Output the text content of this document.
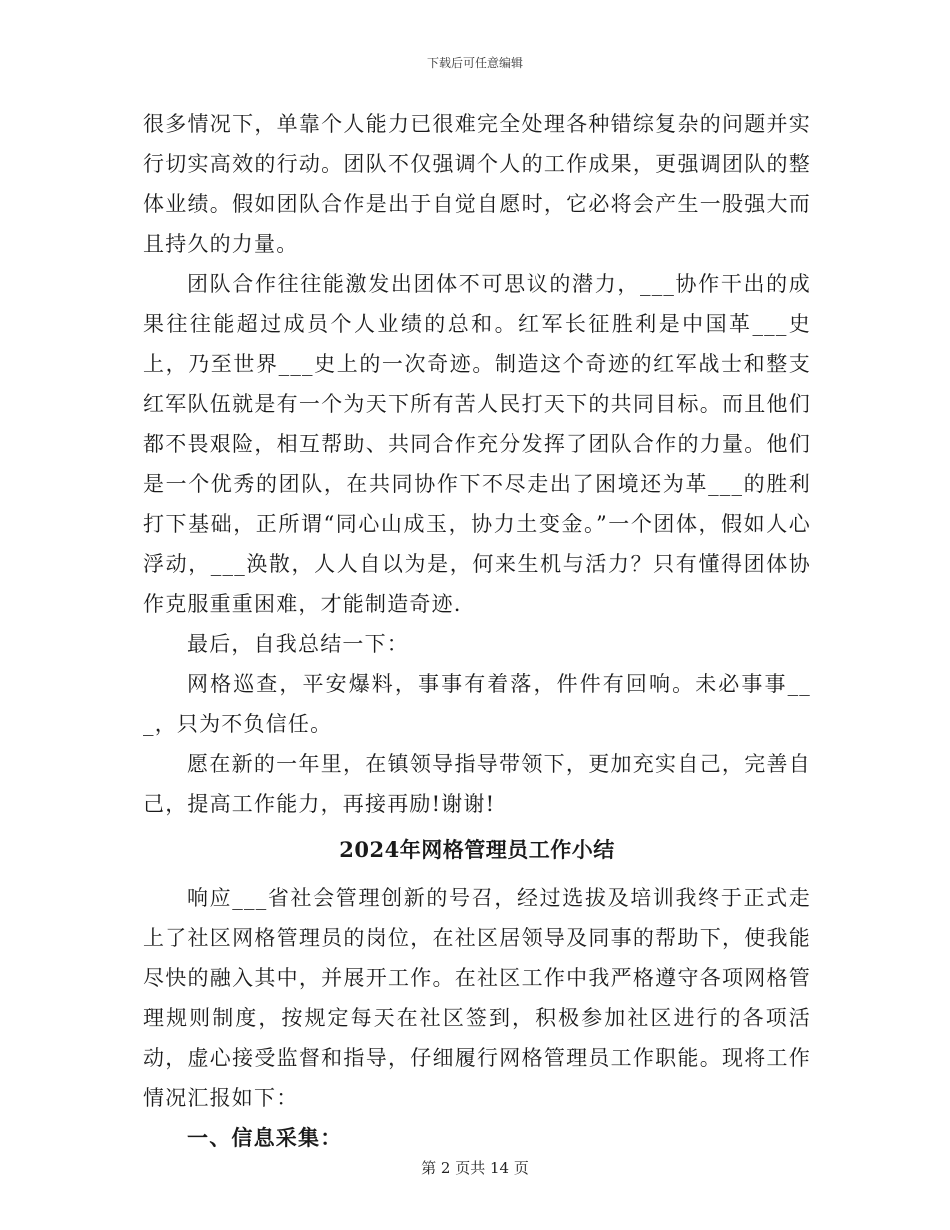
下载后可任意编辑

很多情况下，单靠个人能力已很难完全处理各种错综复杂的问题并实行切实高效的行动。团队不仅强调个人的工作成果，更强调团队的整体业绩。假如团队合作是出于自觉自愿时，它必将会产生一股强大而且持久的力量。

团队合作往往能激发出团体不可思议的潜力，___协作干出的成果往往能超过成员个人业绩的总和。红军长征胜利是中国革___史上，乃至世界___史上的一次奇迹。制造这个奇迹的红军战士和整支红军队伍就是有一个为天下所有苦人民打天下的共同目标。而且他们都不畏艰险，相互帮助、共同合作充分发挥了团队合作的力量。他们是一个优秀的团队，在共同协作下不尽走出了困境还为革___的胜利打下基础，正所谓“同心山成玉，协力土变金。”一个团体，假如人心浮动，___涣散，人人自以为是，何来生机与活力？只有懂得团体协作克服重重困难，才能制造奇迹.

最后，自我总结一下：

网格巡查，平安爆料，事事有着落，件件有回响。未必事事___，只为不负信任。

愿在新的一年里，在镇领导指导带领下，更加充实自己，完善自己，提高工作能力，再接再励!谢谢!

2024年网格管理员工作小结

响应___省社会管理创新的号召，经过选拔及培训我终于正式走上了社区网格管理员的岗位，在社区居领导及同事的帮助下，使我能尽快的融入其中，并展开工作。在社区工作中我严格遵守各项网格管理规则制度，按规定每天在社区签到，积极参加社区进行的各项活动，虚心接受监督和指导，仔细履行网格管理员工作职能。现将工作情况汇报如下：

一、信息采集：
第 2 页共 14 页
